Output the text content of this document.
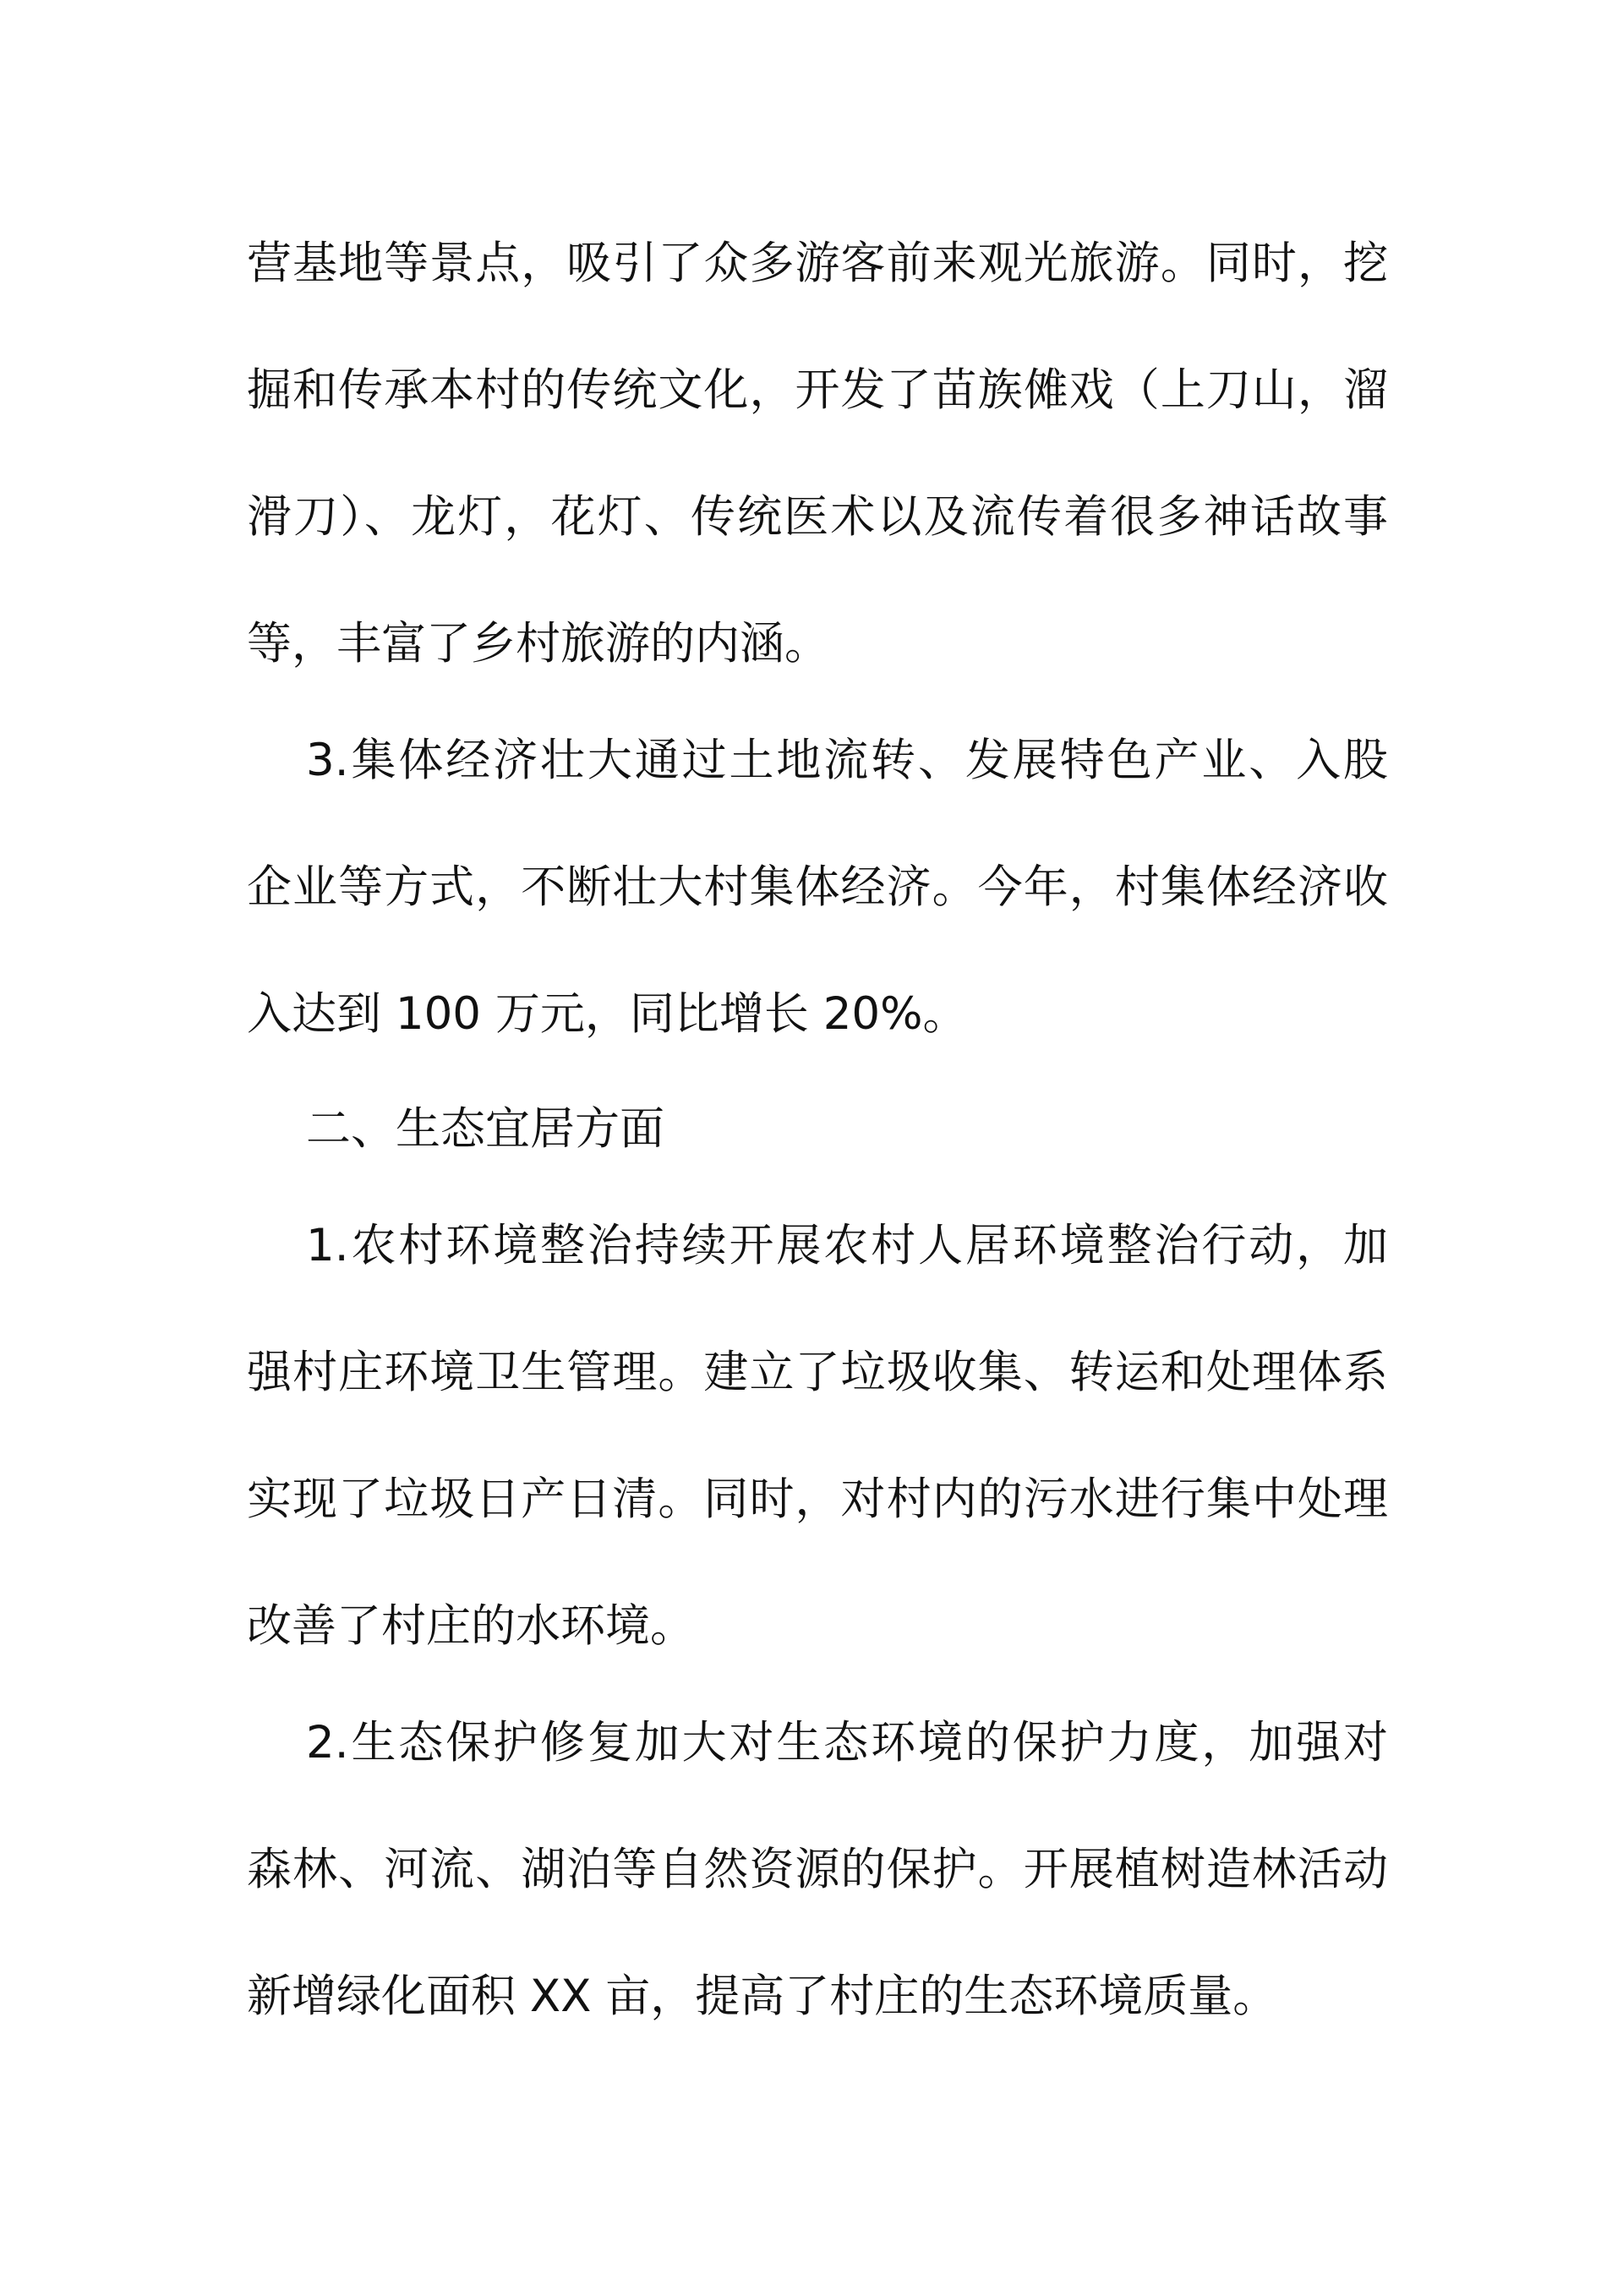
营基地等景点，吸引了众多游客前来观光旅游。同时，挖
掘和传承本村的传统文化，开发了苗族傩戏（上刀山，溜
滑刀）、龙灯，花灯、传统医术以及流传着很多神话故事
等，丰富了乡村旅游的内涵。
3.集体经济壮大通过土地流转、发展特色产业、入股
企业等方式，不断壮大村集体经济。今年，村集体经济收
入达到 100 万元，同比增长 20%。
二、生态宜居方面
1.农村环境整治持续开展农村人居环境整治行动，加
强村庄环境卫生管理。建立了垃圾收集、转运和处理体系
实现了垃圾日产日清。同时，对村内的污水进行集中处理
改善了村庄的水环境。
2.生态保护修复加大对生态环境的保护力度，加强对
森林、河流、湖泊等自然资源的保护。开展植树造林活动
新增绿化面积 XX 亩，提高了村庄的生态环境质量。
